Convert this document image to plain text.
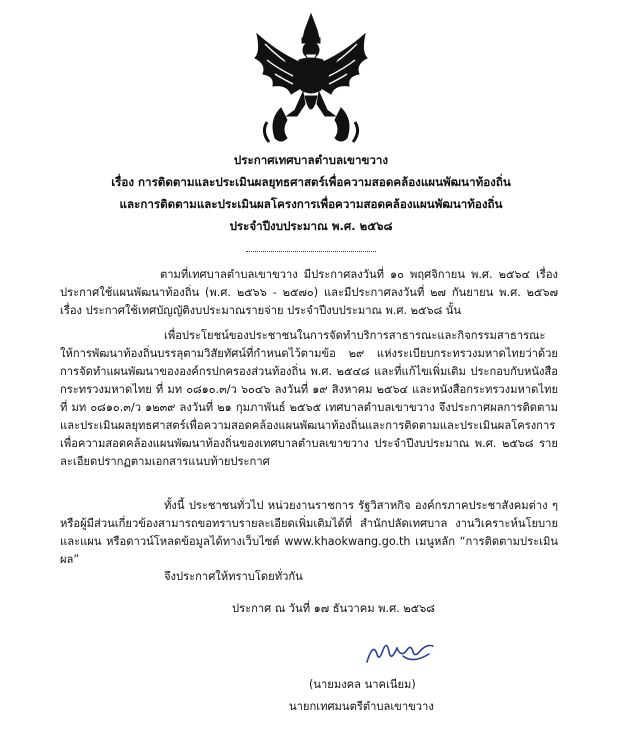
ประกาศเทศบาลตำบลเขาขวาง
เรื่อง การติดตามและประเมินผลยุทธศาสตร์เพื่อความสอดคล้องแผนพัฒนาท้องถิ่น
และการติดตามและประเมินผลโครงการเพื่อความสอดคล้องแผนพัฒนาท้องถิ่น
ประจำปีงบประมาณ พ.ศ. ๒๕๖๘
ตามที่เทศบาลตำบลเขาขวาง มีประกาศลงวันที่ ๑๐ พฤศจิกายน พ.ศ. ๒๕๖๔ เรื่อง ประกาศใช้แผนพัฒนาท้องถิ่น (พ.ศ. ๒๕๖๖ - ๒๕๗๐) และมีประกาศลงวันที่ ๒๗ กันยายน พ.ศ. ๒๕๖๗ เรื่อง ประกาศใช้เทศบัญญัติงบประมาณรายจ่าย ประจำปีงบประมาณ พ.ศ. ๒๕๖๘ นั้น
เพื่อประโยชน์ของประชาชนในการจัดทำบริการสาธารณะและกิจกรรมสาธารณะให้การพัฒนาท้องถิ่นบรรลุตามวิสัยทัศน์ที่กำหนดไว้ตามข้อ ๒๙ แห่งระเบียบกระทรวงมหาดไทยว่าด้วยการจัดทำแผนพัฒนาขององค์กรปกครองส่วนท้องถิ่น พ.ศ. ๒๕๔๘ และที่แก้ไขเพิ่มเติม ประกอบกับหนังสือกระทรวงมหาดไทย ที่ มท ๐๘๑๐.๓/ว ๖๐๔๖ ลงวันที่ ๑๙ สิงหาคม ๒๕๖๔ และหนังสือกระทรวงมหาดไทย ที่ มท ๐๘๑๐.๓/ว ๑๒๓๙ ลงวันที่ ๒๑ กุมภาพันธ์ ๒๕๖๕ เทศบาลตำบลเขาขวาง จึงประกาศผลการติดตามและประเมินผลยุทธศาสตร์เพื่อความสอดคล้องแผนพัฒนาท้องถิ่นและการติดตามและประเมินผลโครงการเพื่อความสอดคล้องแผนพัฒนาท้องถิ่นของเทศบาลตำบลเขาขวาง ประจำปีงบประมาณ พ.ศ. ๒๕๖๘ รายละเอียดปรากฏตามเอกสารแนบท้ายประกาศ
ทั้งนี้ ประชาชนทั่วไป หน่วยงานราชการ รัฐวิสาหกิจ องค์กรภาคประชาสังคมต่าง ๆ หรือผู้มีส่วนเกี่ยวข้องสามารถขอทราบรายละเอียดเพิ่มเติมได้ที่ สำนักปลัดเทศบาล งานวิเคราะห์นโยบายและแผน หรือดาวน์โหลดข้อมูลได้ทางเว็บไซต์ www.khaokwang.go.th เมนูหลัก “การติดตามประเมินผล”
จึงประกาศให้ทราบโดยทั่วกัน
ประกาศ ณ วันที่ ๑๗ ธันวาคม พ.ศ. ๒๕๖๘
(นายมงคล นาคเนียม)
นายกเทศมนตรีตำบลเขาขวาง
